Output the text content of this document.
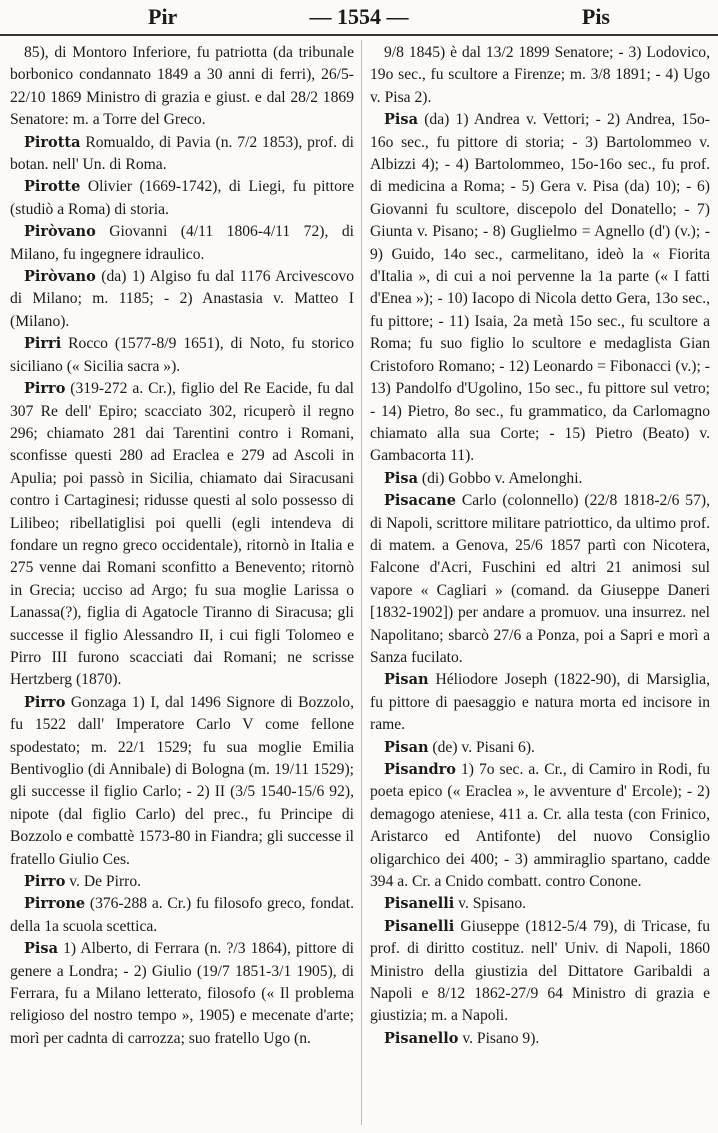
Pir	— 1554 —	Pis

85), di Montoro Inferiore, fu patriotta (da tribunale borbonico condannato 1849 a 30 anni di ferri), 26/5-22/10 1869 Ministro di grazia e giust. e dal 28/2 1869 Senatore: m. a Torre del Greco.

Pirotta Romualdo, di Pavia (n. 7/2 1853), prof. di botan. nell' Un. di Roma.

Pirotte Olivier (1669-1742), di Liegi, fu pittore (studiò a Roma) di storia.

Piròvano Giovanni (4/11 1806-4/11 72), di Milano, fu ingegnere idraulico.

Piròvano (da) 1) Algiso fu dal 1176 Arcivescovo di Milano; m. 1185; - 2) Anastasia v. Matteo I (Milano).

Pirri Rocco (1577-8/9 1651), di Noto, fu storico siciliano (« Sicilia sacra »).

Pirro (319-272 a. Cr.), figlio del Re Eacide, fu dal 307 Re dell' Epiro; scacciato 302, ricuperò il regno 296; chiamato 281 dai Tarentini contro i Romani, sconfisse questi 280 ad Eraclea e 279 ad Ascoli in Apulia; poi passò in Sicilia, chiamato dai Siracusani contro i Cartaginesi; ridusse questi al solo possesso di Lilibeo; ribellatiglisi poi quelli (egli intendeva di fondare un regno greco occidentale), ritornò in Italia e 275 venne dai Romani sconfitto a Benevento; ritornò in Grecia; ucciso ad Argo; fu sua moglie Larissa o Lanassa(?), figlia di Agatocle Tiranno di Siracusa; gli successe il figlio Alessandro II, i cui figli Tolomeo e Pirro III furono scacciati dai Romani; ne scrisse Hertzberg (1870).

Pirro Gonzaga 1) I, dal 1496 Signore di Bozzolo, fu 1522 dall' Imperatore Carlo V come fellone spodestato; m. 22/1 1529; fu sua moglie Emilia Bentivoglio (di Annibale) di Bologna (m. 19/11 1529); gli successe il figlio Carlo; - 2) II (3/5 1540-15/6 92), nipote (dal figlio Carlo) del prec., fu Principe di Bozzolo e combattè 1573-80 in Fiandra; gli successe il fratello Giulio Ces.

Pirro v. De Pirro.

Pirrone (376-288 a. Cr.) fu filosofo greco, fondat. della 1a scuola scettica.

Pisa 1) Alberto, di Ferrara (n. ?/3 1864), pittore di genere a Londra; - 2) Giulio (19/7 1851-3/1 1905), di Ferrara, fu a Milano letterato, filosofo (« Il problema religioso del nostro tempo », 1905) e mecenate d'arte; morì per cadnta di carrozza; suo fratello Ugo (n.

9/8 1845) è dal 13/2 1899 Senatore; - 3) Lodovico, 19o sec., fu scultore a Firenze; m. 3/8 1891; - 4) Ugo v. Pisa 2).

Pisa (da) 1) Andrea v. Vettori; - 2) Andrea, 15o-16o sec., fu pittore di storia; - 3) Bartolommeo v. Albizzi 4); - 4) Bartolommeo, 15o-16o sec., fu prof. di medicina a Roma; - 5) Gera v. Pisa (da) 10); - 6) Giovanni fu scultore, discepolo del Donatello; - 7) Giunta v. Pisano; - 8) Guglielmo = Agnello (d') (v.); - 9) Guido, 14o sec., carmelitano, ideò la « Fiorita d'Italia », di cui a noi pervenne la 1a parte (« I fatti d'Enea »); - 10) Iacopo di Nicola detto Gera, 13o sec., fu pittore; - 11) Isaia, 2a metà 15o sec., fu scultore a Roma; fu suo figlio lo scultore e medaglista Gian Cristoforo Romano; - 12) Leonardo = Fibonacci (v.); - 13) Pandolfo d'Ugolino, 15o sec., fu pittore sul vetro; - 14) Pietro, 8o sec., fu grammatico, da Carlomagno chiamato alla sua Corte; - 15) Pietro (Beato) v. Gambacorta 11).

Pisa (di) Gobbo v. Amelonghi.

Pisacane Carlo (colonnello) (22/8 1818-2/6 57), di Napoli, scrittore militare patriottico, da ultimo prof. di matem. a Genova, 25/6 1857 partì con Nicotera, Falcone d'Acri, Fuschini ed altri 21 animosi sul vapore « Cagliari » (comand. da Giuseppe Daneri [1832-1902]) per andare a promuov. una insurrez. nel Napolitano; sbarcò 27/6 a Ponza, poi a Sapri e morì a Sanza fucilato.

Pisan Héliodore Joseph (1822-90), di Marsiglia, fu pittore di paesaggio e natura morta ed incisore in rame.

Pisan (de) v. Pisani 6).

Pisandro 1) 7o sec. a. Cr., di Camiro in Rodi, fu poeta epico (« Eraclea », le avventure d' Ercole); - 2) demagogo ateniese, 411 a. Cr. alla testa (con Frinico, Aristarco ed Antifonte) del nuovo Consiglio oligarchico dei 400; - 3) ammiraglio spartano, cadde 394 a. Cr. a Cnido combatt. contro Conone.

Pisanelli v. Spisano.

Pisanelli Giuseppe (1812-5/4 79), di Tricase, fu prof. di diritto costituz. nell' Univ. di Napoli, 1860 Ministro della giustizia del Dittatore Garibaldi a Napoli e 8/12 1862-27/9 64 Ministro di grazia e giustizia; m. a Napoli.

Pisanello v. Pisano 9).
